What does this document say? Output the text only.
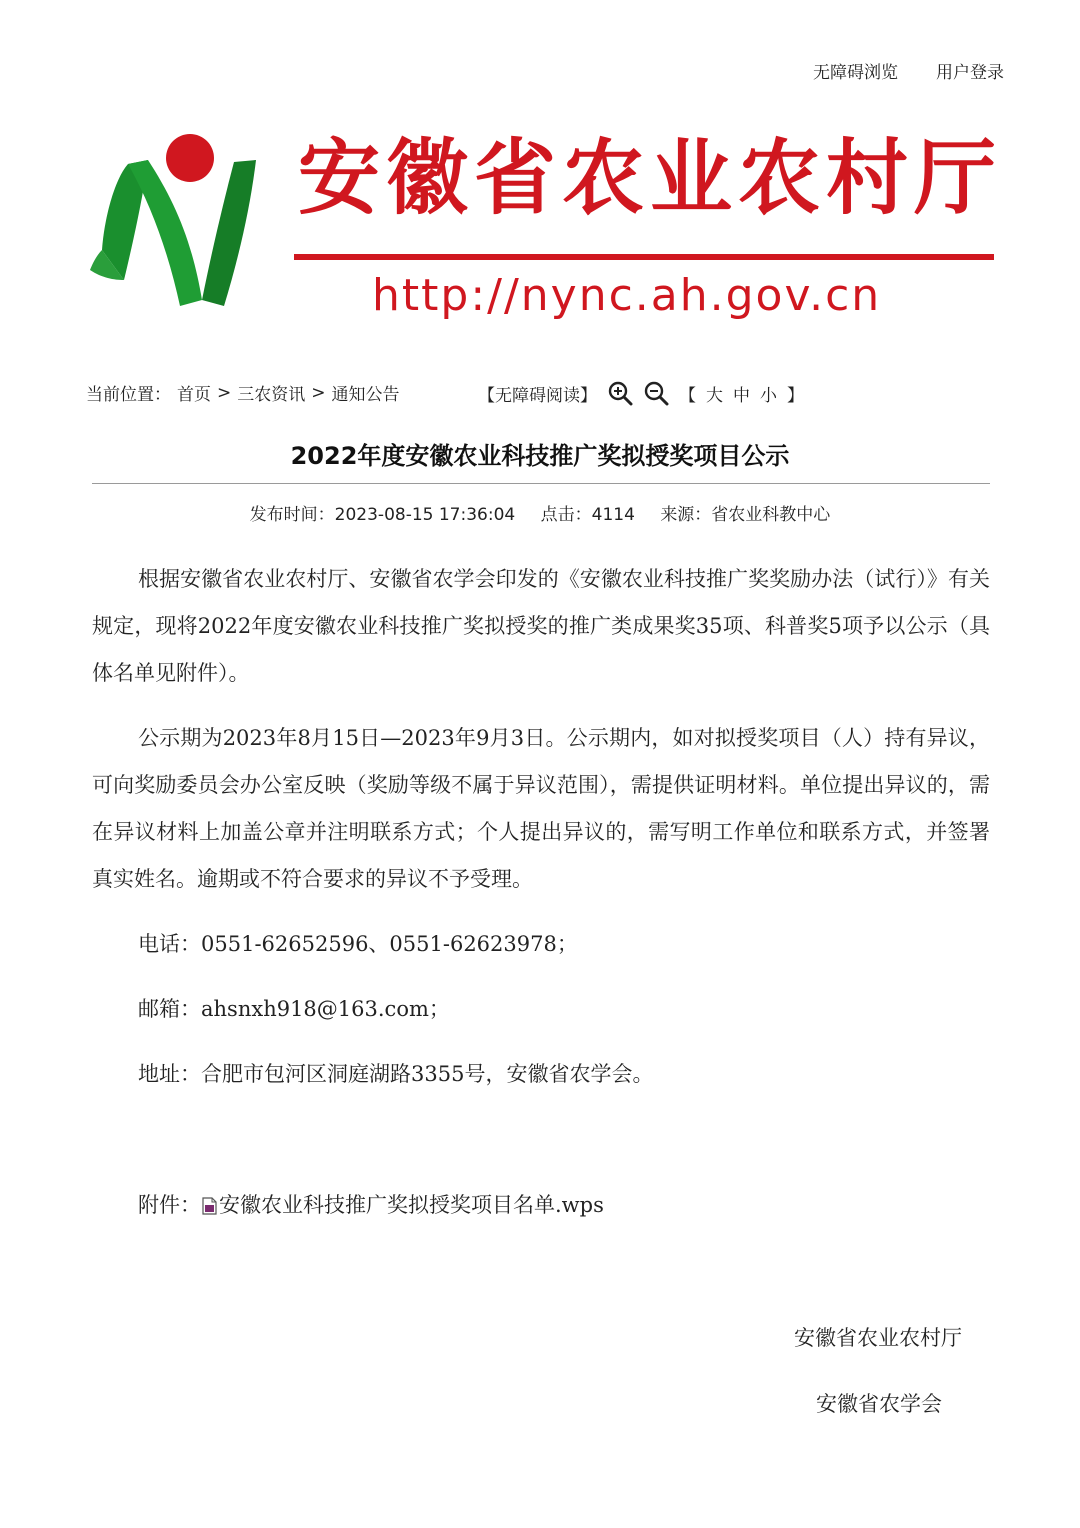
无障碍浏览 用户登录
安徽省农业农村厅
http://nync.ah.gov.cn
当前位置： 首页 > 三农资讯 > 通知公告	【无障碍阅读】	【 大 中 小 】
2022年度安徽农业科技推广奖拟授奖项目公示
发布时间：2023-08-15 17:36:04 点击：4114 来源：省农业科教中心

根据安徽省农业农村厅、安徽省农学会印发的《安徽农业科技推广奖奖励办法（试行）》有关规定，现将2022年度安徽农业科技推广奖拟授奖的推广类成果奖35项、科普奖5项予以公示（具体名单见附件）。

公示期为2023年8月15日—2023年9月3日。公示期内，如对拟授奖项目（人）持有异议，可向奖励委员会办公室反映（奖励等级不属于异议范围），需提供证明材料。单位提出异议的，需在异议材料上加盖公章并注明联系方式；个人提出异议的，需写明工作单位和联系方式，并签署真实姓名。逾期或不符合要求的异议不予受理。

电话：0551-62652596、0551-62623978；
邮箱：ahsnxh918@163.com；
地址：合肥市包河区洞庭湖路3355号，安徽省农学会。
附件： 安徽农业科技推广奖拟授奖项目名单.wps
安徽省农业农村厅
安徽省农学会
